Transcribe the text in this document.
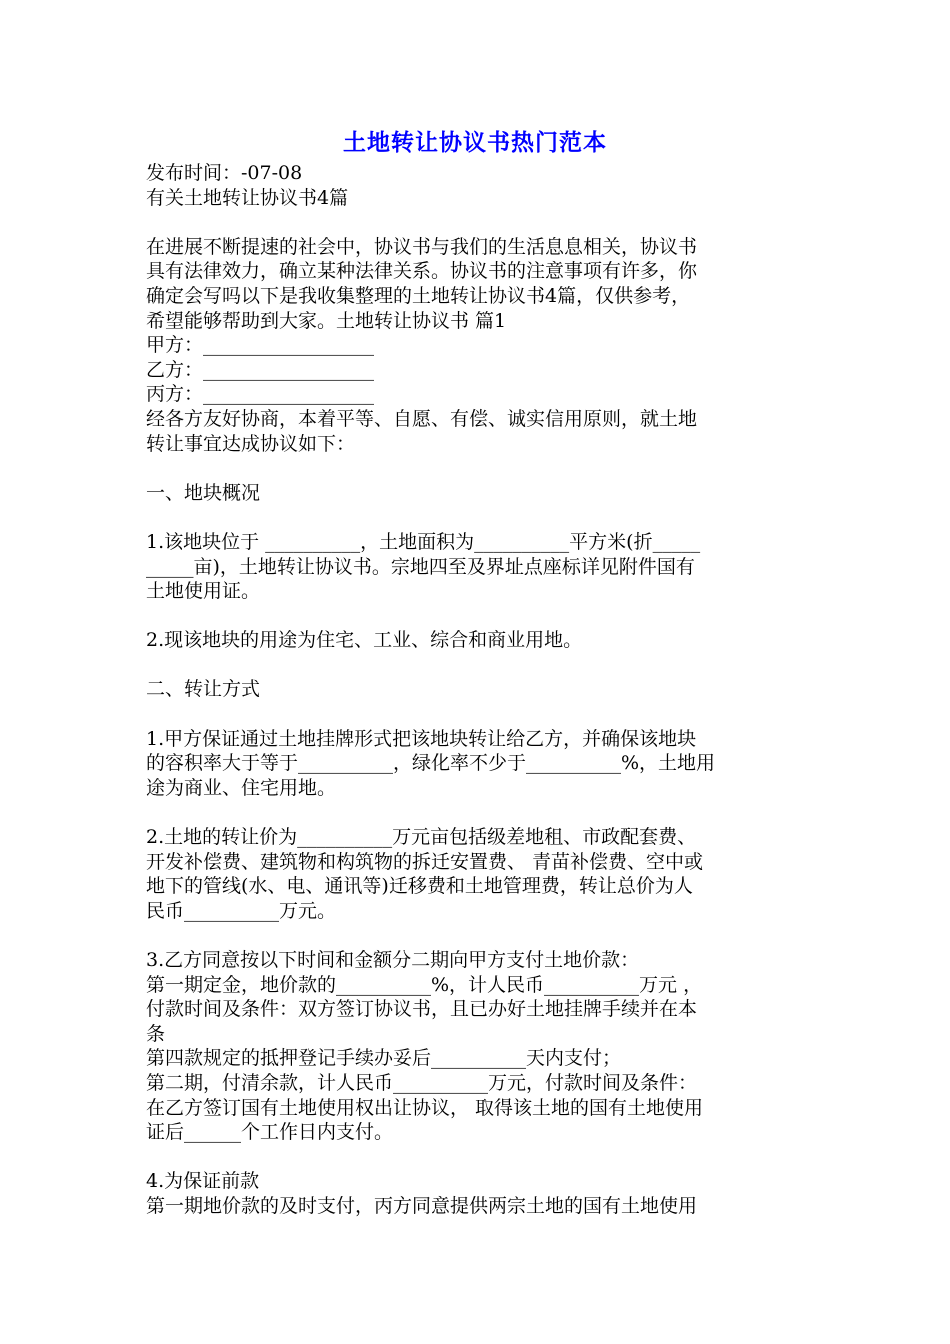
土地转让协议书热门范本
发布时间：-07-08
有关土地转让协议书4篇
在进展不断提速的社会中，协议书与我们的生活息息相关，协议书
具有法律效力，确立某种法律关系。协议书的注意事项有许多，你
确定会写吗以下是我收集整理的土地转让协议书4篇，仅供参考，
希望能够帮助到大家。土地转让协议书 篇1
甲方：__________________
乙方：__________________
丙方：__________________
经各方友好协商，本着平等、自愿、有偿、诚实信用原则，就土地
转让事宜达成协议如下：
一、地块概况
1.该地块位于 __________，土地面积为__________平方米(折_____
_____亩)，土地转让协议书。宗地四至及界址点座标详见附件国有
土地使用证。
2.现该地块的用途为住宅、工业、综合和商业用地。
二、转让方式
1.甲方保证通过土地挂牌形式把该地块转让给乙方，并确保该地块
的容积率大于等于__________，绿化率不少于__________%，土地用
途为商业、住宅用地。
2.土地的转让价为__________万元亩包括级差地租、市政配套费、
开发补偿费、建筑物和构筑物的拆迁安置费、 青苗补偿费、空中或
地下的管线(水、电、通讯等)迁移费和土地管理费，转让总价为人
民币__________万元。
3.乙方同意按以下时间和金额分二期向甲方支付土地价款：
第一期定金，地价款的__________%，计人民币__________万元 ，
付款时间及条件：双方签订协议书，且已办好土地挂牌手续并在本
条
第四款规定的抵押登记手续办妥后__________天内支付；
第二期，付清余款，计人民币__________万元，付款时间及条件：
在乙方签订国有土地使用权出让协议， 取得该土地的国有土地使用
证后______个工作日内支付。
4.为保证前款
第一期地价款的及时支付，丙方同意提供两宗土地的国有土地使用
